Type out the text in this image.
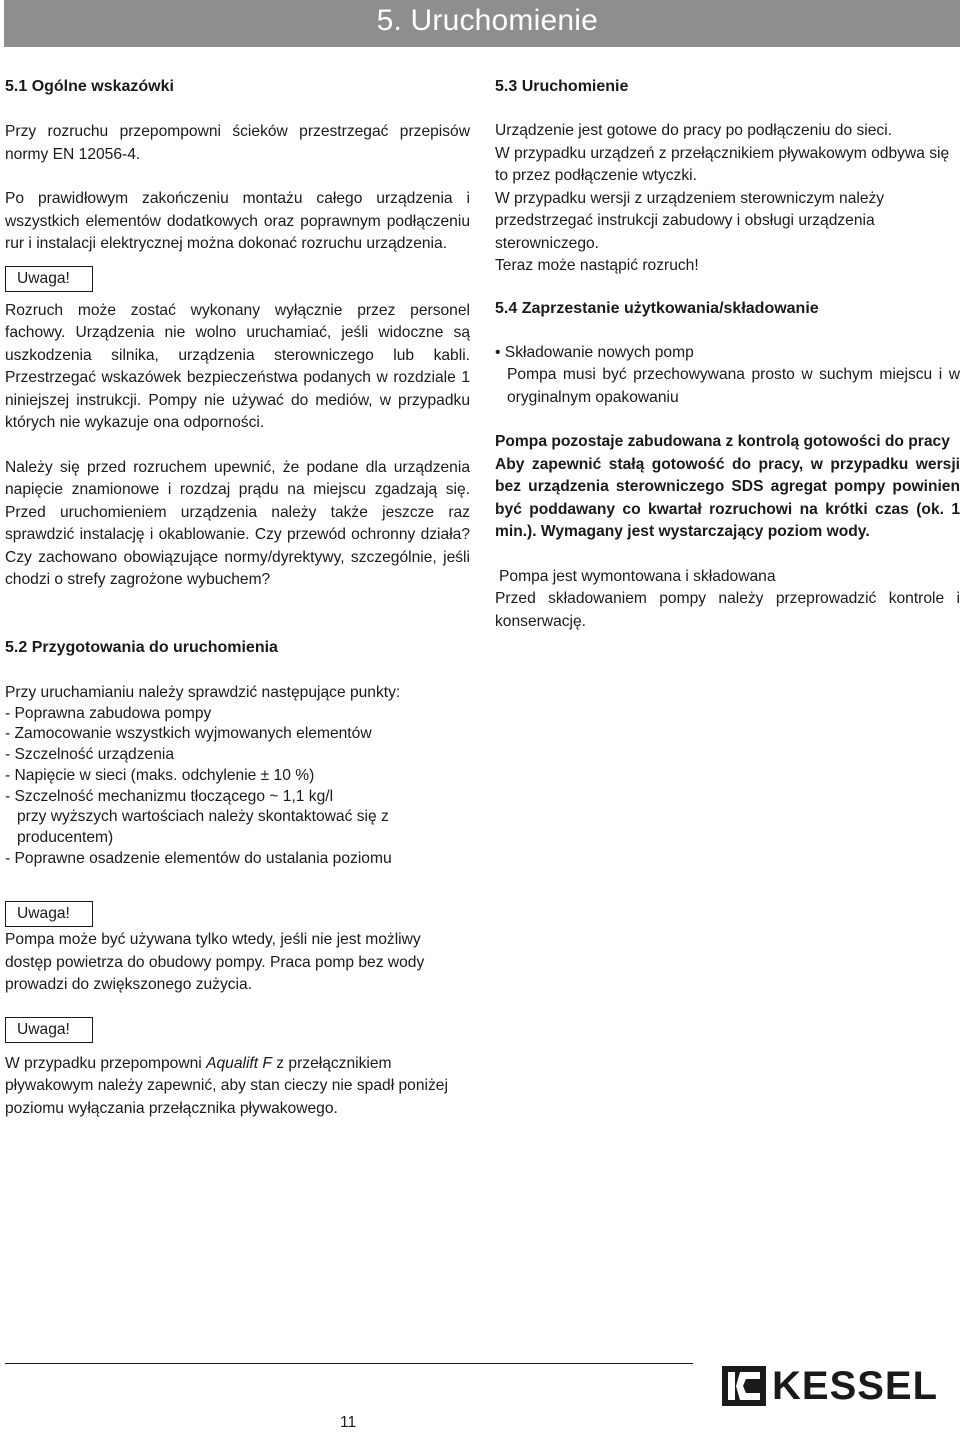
5. Uruchomienie
5.1 Ogólne wskazówki

Przy rozruchu przepompowni ścieków przestrzegać przepisów normy EN 12056-4.

Po prawidłowym zakończeniu montażu całego urządzenia i wszystkich elementów dodatkowych oraz poprawnym podłączeniu rur i instalacji elektrycznej można dokonać rozruchu urządzenia.

Uwaga!

Rozruch może zostać wykonany wyłącznie przez personel fachowy. Urządzenia nie wolno uruchamiać, jeśli widoczne są uszkodzenia silnika, urządzenia sterowniczego lub kabli. Przestrzegać wskazówek bezpieczeństwa podanych w rozdziale 1 niniejszej instrukcji. Pompy nie używać do mediów, w przypadku których nie wykazuje ona odporności.

Należy się przed rozruchem upewnić, że podane dla urządzenia napięcie znamionowe i rozdzaj prądu na miejscu zgadzają się. Przed uruchomieniem urządzenia należy także jeszcze raz sprawdzić instalację i okablowanie. Czy przewód ochronny działa? Czy zachowano obowiązujące normy/dyrektywy, szczególnie, jeśli chodzi o strefy zagrożone wybuchem?

5.2 Przygotowania do uruchomienia

Przy uruchamianiu należy sprawdzić następujące punkty:

- Poprawna zabudowa pompy
- Zamocowanie wszystkich wyjmowanych elementów
- Szczelność urządzenia
- Napięcie w sieci (maks. odchylenie ± 10 %)
- Szczelność mechanizmu tłoczącego ~ 1,1 kg/l
przy wyższych wartościach należy skontaktować się z producentem)
- Poprawne osadzenie elementów do ustalania poziomu
Uwaga!

Pompa może być używana tylko wtedy, jeśli nie jest możliwy dostęp powietrza do obudowy pompy. Praca pomp bez wody prowadzi do zwiększonego zużycia.

Uwaga!

W przypadku przepompowni Aqualift F z przełącznikiem pływakowym należy zapewnić, aby stan cieczy nie spadł poniżej poziomu wyłączania przełącznika pływakowego.

5.3 Uruchomienie

Urządzenie jest gotowe do pracy po podłączeniu do sieci.

W przypadku urządzeń z przełącznikiem pływakowym odbywa się to przez podłączenie wtyczki.

W przypadku wersji z urządzeniem sterowniczym należy przedstrzegać instrukcji zabudowy i obsługi urządzenia sterowniczego.

Teraz może nastąpić rozruch!

5.4 Zaprzestanie użytkowania/składowanie

• Składowanie nowych pomp

Pompa musi być przechowywana prosto w suchym miejscu i w oryginalnym opakowaniu

Pompa pozostaje zabudowana z kontrolą gotowości do pracy

Aby zapewnić stałą gotowość do pracy, w przypadku wersji bez urządzenia sterowniczego SDS agregat pompy powinien być poddawany co kwartał rozruchowi na krótki czas (ok. 1 min.). Wymagany jest wystarczający poziom wody.

Pompa jest wymontowana i składowana

Przed składowaniem pompy należy przeprowadzić kontrole i konserwację.

11
KESSEL
